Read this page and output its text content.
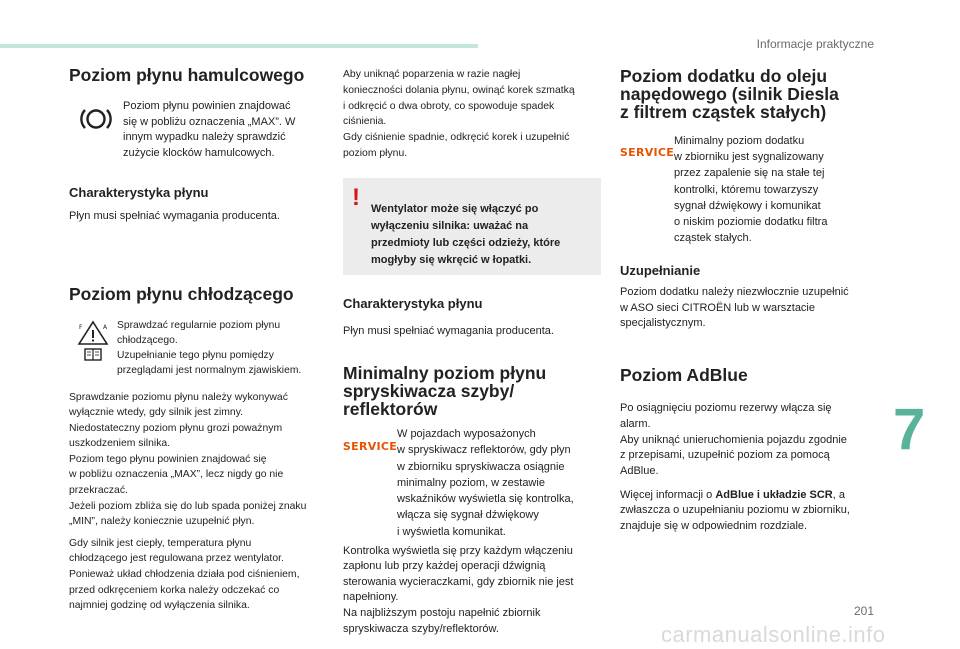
Informacje praktyczne
Poziom płynu hamulcowego

Poziom płynu powinien znajdować
się w pobliżu oznaczenia „MAX”. W
innym wypadku należy sprawdzić
zużycie klocków hamulcowych.

Charakterystyka płynu

Płyn musi spełniać wymagania producenta.

Poziom płynu chłodzącego
F	A Sprawdzać regularnie poziom płynu
chłodzącego.
Uzupełnianie tego płynu pomiędzy
przeglądami jest normalnym zjawiskiem.

Sprawdzanie poziomu płynu należy wykonywać
wyłącznie wtedy, gdy silnik jest zimny.
Niedostateczny poziom płynu grozi poważnym
uszkodzeniem silnika.
Poziom tego płynu powinien znajdować się
w pobliżu oznaczenia „MAX”, lecz nigdy go nie
przekraczać.
Jeżeli poziom zbliża się do lub spada poniżej znaku
„MIN”, należy koniecznie uzupełnić płyn.

Gdy silnik jest ciepły, temperatura płynu
chłodzącego jest regulowana przez wentylator.
Ponieważ układ chłodzenia działa pod ciśnieniem,
przed odkręceniem korka należy odczekać co
najmniej godzinę od wyłączenia silnika.

Aby uniknąć poparzenia w razie nagłej
konieczności dolania płynu, owinąć korek szmatką
i odkręcić o dwa obroty, co spowoduje spadek
ciśnienia.
Gdy ciśnienie spadnie, odkręcić korek i uzupełnić
poziom płynu.

! Wentylator może się włączyć po
wyłączeniu silnika: uważać na
przedmioty lub części odzieży, które
mogłyby się wkręcić w łopatki.

Charakterystyka płynu

Płyn musi spełniać wymagania producenta.

Minimalny poziom płynu
spryskiwacza szyby/
reflektorów
SERVICE

W pojazdach wyposażonych
w spryskiwacz reflektorów, gdy płyn
w zbiorniku spryskiwacza osiągnie
minimalny poziom, w zestawie
wskaźników wyświetla się kontrolka,
włącza się sygnał dźwiękowy
i wyświetla komunikat.

Kontrolka wyświetla się przy każdym włączeniu
zapłonu lub przy każdej operacji dźwignią
sterowania wycieraczkami, gdy zbiornik nie jest
napełniony.
Na najbliższym postoju napełnić zbiornik
spryskiwacza szyby/reflektorów.

Poziom dodatku do oleju
napędowego (silnik Diesla
z filtrem cząstek stałych)
SERVICE

Minimalny poziom dodatku
w zbiorniku jest sygnalizowany
przez zapalenie się na stałe tej
kontrolki, któremu towarzyszy
sygnał dźwiękowy i komunikat
o niskim poziomie dodatku filtra
cząstek stałych.

Uzupełnianie

Poziom dodatku należy niezwłocznie uzupełnić
w ASO sieci CITROËN lub w warsztacie
specjalistycznym.

Poziom AdBlue

Po osiągnięciu poziomu rezerwy włącza się
alarm.
Aby uniknąć unieruchomienia pojazdu zgodnie
z przepisami, uzupełnić poziom za pomocą
AdBlue.

Więcej informacji o AdBlue i układzie SCR, a
zwłaszcza o uzupełnianiu poziomu w zbiorniku,
znajduje się w odpowiednim rozdziale.

7
201
carmanualsonline.info
